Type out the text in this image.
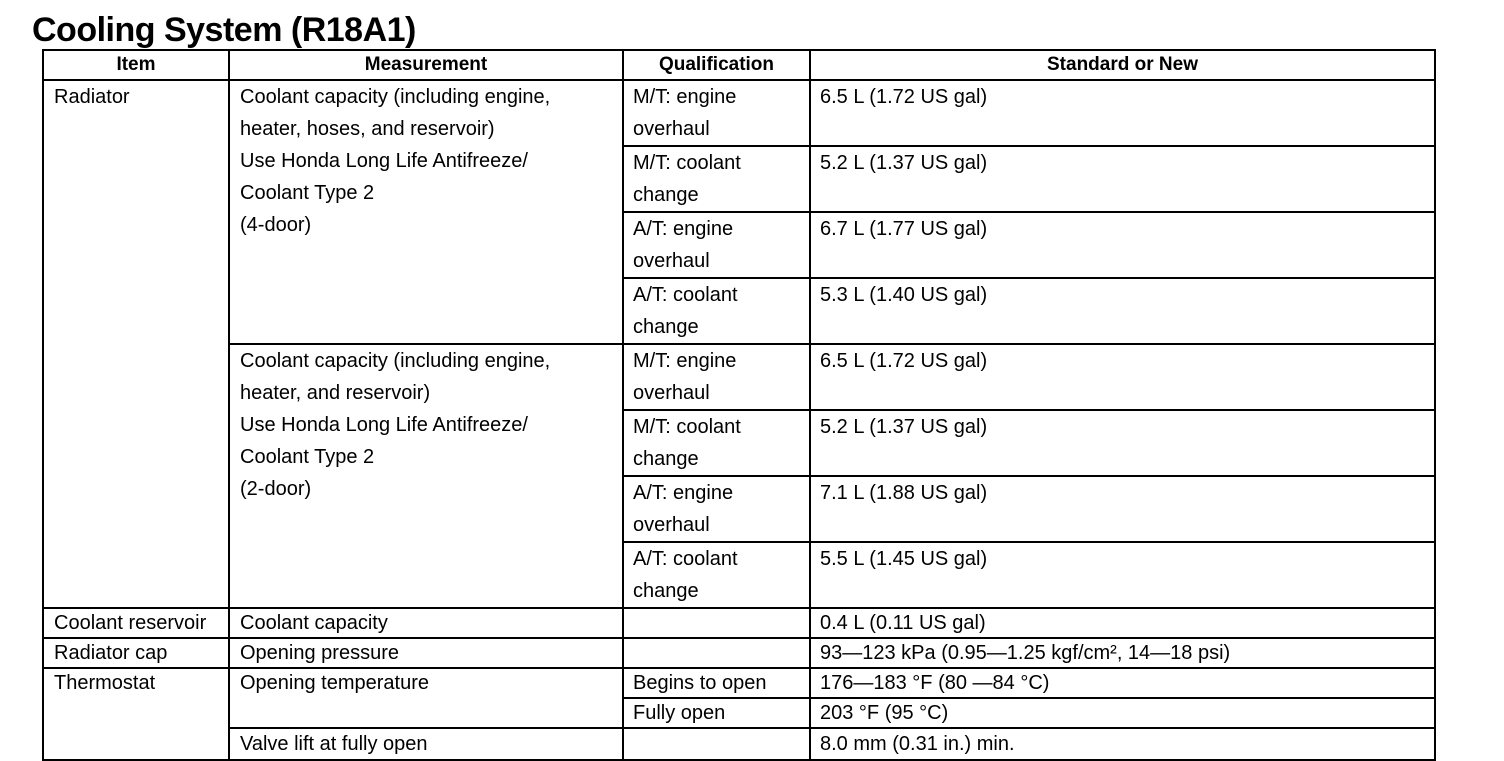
Cooling System (R18A1)
Item	Measurement	Qualification	Standard or New
Radiator	Coolant capacity (including engine,
heater, hoses, and reservoir)
Use Honda Long Life Antifreeze/
Coolant Type 2
(4-door)	M/T: engine
overhaul	6.5 L (1.72 US gal)

		M/T: coolant
change	5.2 L (1.37 US gal)

		A/T: engine
overhaul	6.7 L (1.77 US gal)

		A/T: coolant
change	5.3 L (1.40 US gal)

	Coolant capacity (including engine,
heater, and reservoir)
Use Honda Long Life Antifreeze/
Coolant Type 2
(2-door)	M/T: engine
overhaul	6.5 L (1.72 US gal)

		M/T: coolant
change	5.2 L (1.37 US gal)

		A/T: engine
overhaul	7.1 L (1.88 US gal)

		A/T: coolant
change	5.5 L (1.45 US gal)
Coolant reservoir	Coolant capacity		0.4 L (0.11 US gal)
Radiator cap	Opening pressure		93—123 kPa (0.95—1.25 kgf/cm², 14—18 psi)
Thermostat	Opening temperature	Begins to open	176—183 °F (80 —84 °C)
		Fully open	203 °F (95 °C)
	Valve lift at fully open		8.0 mm (0.31 in.) min.
